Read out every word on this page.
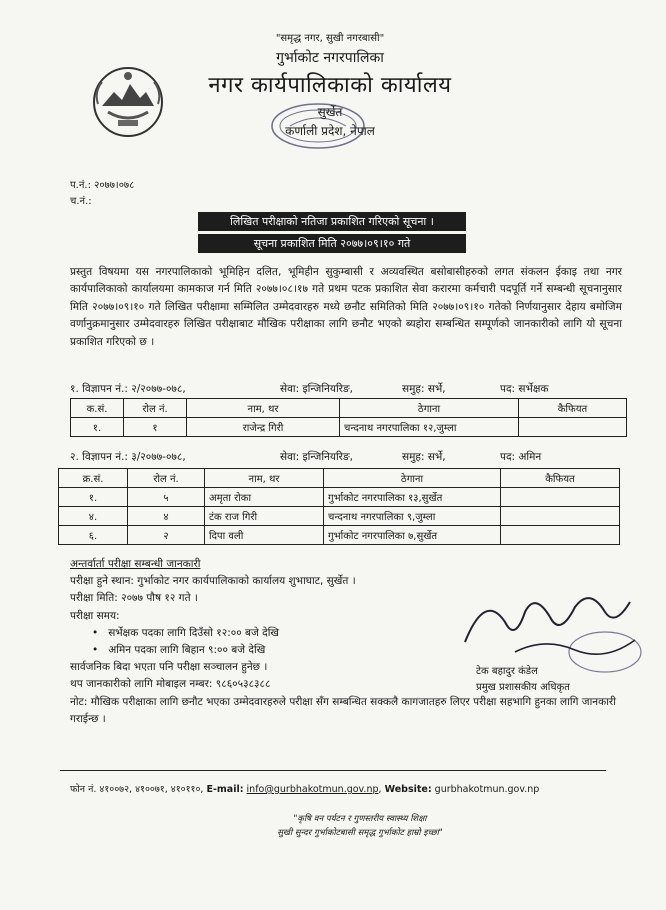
"समृद्ध नगर, सुखी नगरबासी"
गुर्भाकोट नगरपालिका
नगर कार्यपालिकाको कार्यालय
सुर्खेत
कर्णाली प्रदेश, नेपाल
प.नं.: २०७७।०७८
च.नं.:
लिखित परीक्षाको नतिजा प्रकाशित गरिएको सूचना ।
सूचना प्रकाशित मिति २०७७।०९।१० गते
प्रस्तुत विषयमा यस नगरपालिकाको भूमिहिन दलित, भूमिहीन सुकुम्बासी र अव्यवस्थित बसोबासीहरुको लगत संकलन ईकाइ तथा नगर कार्यपालिकाको कार्यालयमा कामकाज गर्न मिति २०७७।०८।१७ गते प्रथम पटक प्रकाशित सेवा करारमा कर्मचारी पदपूर्ति गर्ने सम्बन्धी सूचनानुसार मिति २०७७।०९।१० गते लिखित परीक्षामा सम्मिलित उम्मेदवारहरु मध्ये छनौट समितिको मिति २०७७।०९।१० गतेको निर्णयानुसार देहाय बमोजिम वर्णानुक्रमानुसार उम्मेदवारहरु लिखित परीक्षाबाट मौखिक परीक्षाका लागि छनौट भएको ब्यहोरा सम्बन्धित सम्पूर्णको जानकारीको लागि यो सूचना प्रकाशित गरिएको छ ।
१. विज्ञापन नं.: २/२०७७-०७८,	सेवा: इन्जिनियरिङ,	समुह: सर्भे,	पद: सर्भेक्षक
क.सं.	रोल नं.	नाम, थर	ठेगाना	कैफियत
१.	१	राजेन्द्र गिरी	चन्दनाथ नगरपालिका १२,जुम्ला	
२. विज्ञापन नं.: ३/२०७७-०७८,	सेवा: इन्जिनियरिङ,	समुह: सर्भे,	पद: अमिन
क्र.सं.	रोल नं.	नाम, थर	ठेगाना	कैफियत
१.	५	अमृता रोका	गुर्भाकोट नगरपालिका १३,सुर्खेत	
४.	४	टंक राज गिरी	चन्दनाथ नगरपालिका ९,जुम्ला	
६.	२	दिपा वली	गुर्भाकोट नगरपालिका ७,सुर्खेत	
अन्तर्वार्ता परीक्षा सम्बन्धी जानकारी
परीक्षा हुने स्थान: गुर्भाकोट नगर कार्यपालिकाको कार्यालय शुभाघाट, सुर्खेत ।
परीक्षा मिति: २०७७ पौष १२ गते ।
परीक्षा समय:
• सर्भेक्षक पदका लागि दिउँसो १२:०० बजे देखि
• अमिन पदका लागि बिहान ९:०० बजे देखि
सार्वजनिक बिदा भएता पनि परीक्षा सञ्चालन हुनेछ ।
थप जानकारीको लागि मोबाइल नम्बर: ९८६०५३८३८८
नोट: मौखिक परीक्षाका लागि छनौट भएका उम्मेदवारहरुले परीक्षा सँग सम्बन्धित सक्कलै कागजातहरु लिएर परीक्षा सहभागि हुनका लागि जानकारी गराईन्छ ।
टेक बहादुर कंडेल
प्रमुख प्रशासकीय अधिकृत
फोन नं. ४१००७२, ४१००७१, ४१०११०, E-mail: info@gurbhakotmun.gov.np, Website: gurbhakotmun.gov.np
"कृषि वन पर्यटन र गुणस्तरीय स्वास्थ्य शिक्षा
सुखी सुन्दर गुर्भाकोटबासी समृद्ध गुर्भाकोट हाम्रो इच्छा"
